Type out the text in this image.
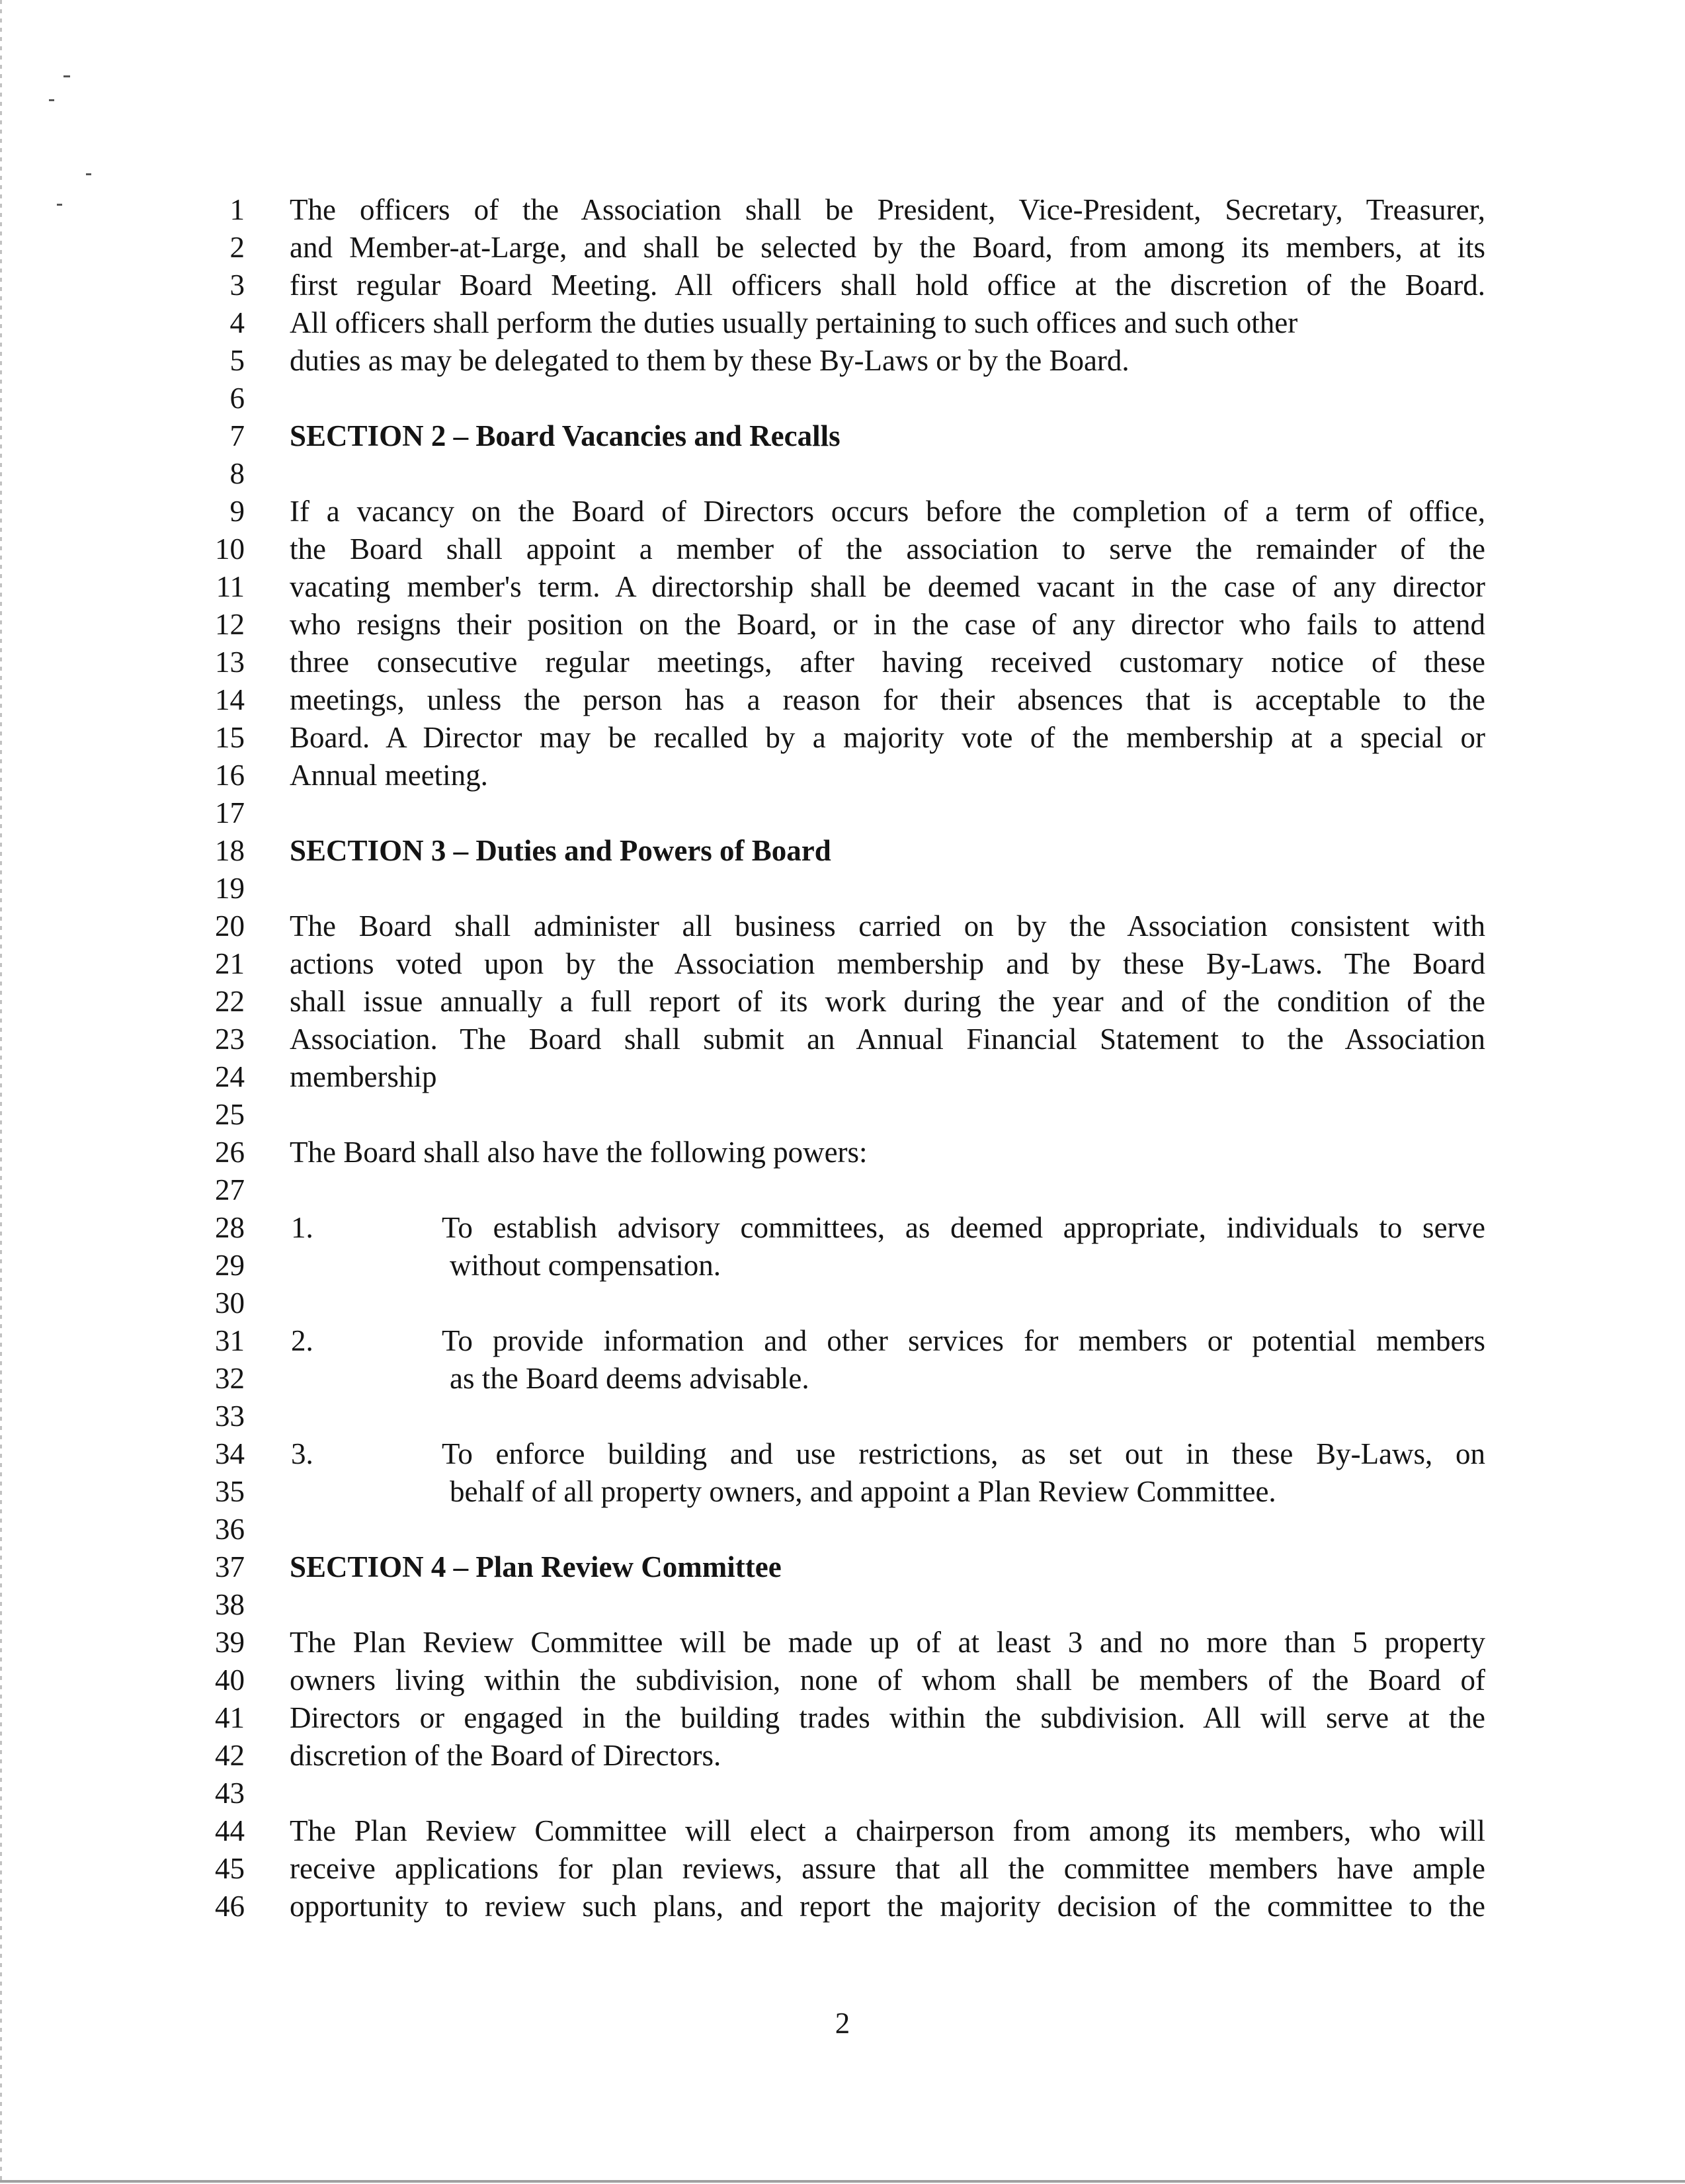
1 The officers of the Association shall be President, Vice-President, Secretary, Treasurer,
2 and Member-at-Large, and shall be selected by the Board, from among its members, at its
3 first regular Board Meeting. All officers shall hold office at the discretion of the Board.
4 All officers shall perform the duties usually pertaining to such offices and such other
5 duties as may be delegated to them by these By-Laws or by the Board.
6
7 SECTION 2 – Board Vacancies and Recalls
8
9 If a vacancy on the Board of Directors occurs before the completion of a term of office,
10 the Board shall appoint a member of the association to serve the remainder of the
11 vacating member's term. A directorship shall be deemed vacant in the case of any director
12 who resigns their position on the Board, or in the case of any director who fails to attend
13 three consecutive regular meetings, after having received customary notice of these
14 meetings, unless the person has a reason for their absences that is acceptable to the
15 Board. A Director may be recalled by a majority vote of the membership at a special or
16 Annual meeting.
17
18 SECTION 3 – Duties and Powers of Board
19
20 The Board shall administer all business carried on by the Association consistent with
21 actions voted upon by the Association membership and by these By-Laws. The Board
22 shall issue annually a full report of its work during the year and of the condition of the
23 Association. The Board shall submit an Annual Financial Statement to the Association
24 membership
25
26 The Board shall also have the following powers:
27
28 1.	To establish advisory committees, as deemed appropriate, individuals to serve
29	without compensation.
30
31 2.	To provide information and other services for members or potential members
32	as the Board deems advisable.
33
34 3.	To enforce building and use restrictions, as set out in these By-Laws, on
35	behalf of all property owners, and appoint a Plan Review Committee.
36
37 SECTION 4 – Plan Review Committee
38
39 The Plan Review Committee will be made up of at least 3 and no more than 5 property
40 owners living within the subdivision, none of whom shall be members of the Board of
41 Directors or engaged in the building trades within the subdivision. All will serve at the
42 discretion of the Board of Directors.
43
44 The Plan Review Committee will elect a chairperson from among its members, who will
45 receive applications for plan reviews, assure that all the committee members have ample
46 opportunity to review such plans, and report the majority decision of the committee to the
2
